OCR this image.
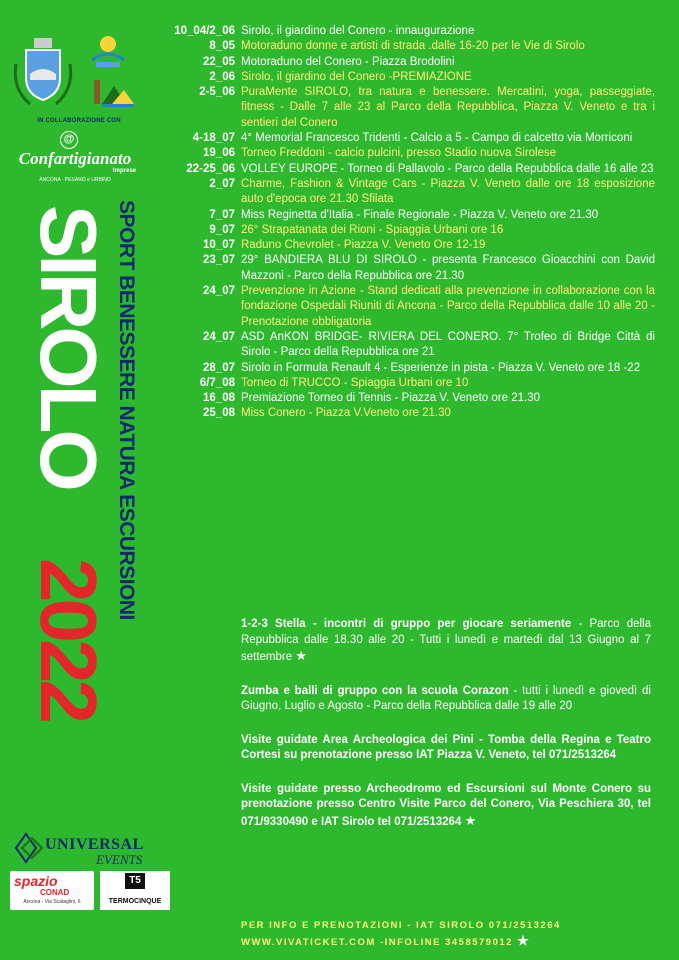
IN COLLABORAZIONE CON
@
Confartigianato
Imprese
ANCONA - PESARO e URBINO
SIROLO
2022
SPORT BENESSERE NATURA ESCURSIONI
UNIVERSAL
EVENTS
spazio
CONAD
Ancona - Via Scataglini, 6
T5
TERMOCINQUE
10_04/2_06 Sirolo, il giardino del Conero - innaugurazione
8_05 Motoraduno donne e artisti di strada .dalle 16-20 per le Vie di Sirolo
22_05 Motoraduno del Conero - Piazza Brodolini
2_06 Sirolo, il giardino del Conero -PREMIAZIONE
2-5_06 PuraMente SIROLO, tra natura e benessere. Mercatini, yoga, passeggiate, fitness - Dalle 7 alle 23 al Parco della Repubblica, Piazza V. Veneto e tra i sentieri del Conero
4-18_07 4° Memorial Francesco Tridenti - Calcio a 5 - Campo di calcetto via Morriconi
19_06 Torneo Freddoni - calcio pulcini, presso Stadio nuova Sirolese
22-25_06 VOLLEY EUROPE - Torneo di Pallavolo - Parco della Repubblica dalle 16 alle 23
2_07 Charme, Fashion & Vintage Cars - Piazza V. Veneto dalle ore 18 esposizione auto d'epoca ore 21.30 Sfilata
7_07 Miss Reginetta d'Italia - Finale Regionale - Piazza V. Veneto ore 21.30
9_07 26° Strapatanata dei Rioni - Spiaggia Urbani ore 16
10_07 Raduno Chevrolet - Piazza V. Veneto Ore 12-19
23_07 29° BANDIERA BLU DI SIROLO - presenta Francesco Gioacchini con David Mazzoni - Parco della Repubblica ore 21.30
24_07 Prevenzione in Azione - Stand dedicati alla prevenzione in collaborazione con la fondazione Ospedali Riuniti di Ancona - Parco della Repubblica dalle 10 alle 20 - Prenotazione obbligatoria
24_07 ASD AnKON BRIDGE- RIVIERA DEL CONERO. 7° Trofeo di Bridge Città di Sirolo - Parco della Repubblica ore 21
28_07 Sirolo in Formula Renault 4 - Esperienze in pista - Piazza V. Veneto ore 18 -22
6/7_08 Torneo di TRUCCO - Spiaggia Urbani ore 10
16_08 Premiazione Torneo di Tennis - Piazza V. Veneto ore 21.30
25_08 Miss Conero - Piazza V.Veneto ore 21.30
1-2-3 Stella - incontri di gruppo per giocare seriamente - Parco della Repubblica dalle 18.30 alle 20 - Tutti i lunedì e martedì dal 13 Giugno al 7 settembre ★
Zumba e balli di gruppo con la scuola Corazon - tutti i lunedì e giovedì di Giugno, Luglio e Agosto - Parco della Repubblica dalle 19 alle 20
Visite guidate Area Archeologica dei Pini - Tomba della Regina e Teatro Cortesi su prenotazione presso IAT Piazza V. Veneto, tel 071/2513264
Visite guidate presso Archeodromo ed Escursioni sul Monte Conero su prenotazione presso Centro Visite Parco del Conero, Via Peschiera 30, tel 071/9330490 e IAT Sirolo tel 071/2513264 ★
PER INFO E PRENOTAZIONI - IAT SIROLO 071/2513264
WWW.VIVATICKET.COM -INFOLINE 3458579012 ★
